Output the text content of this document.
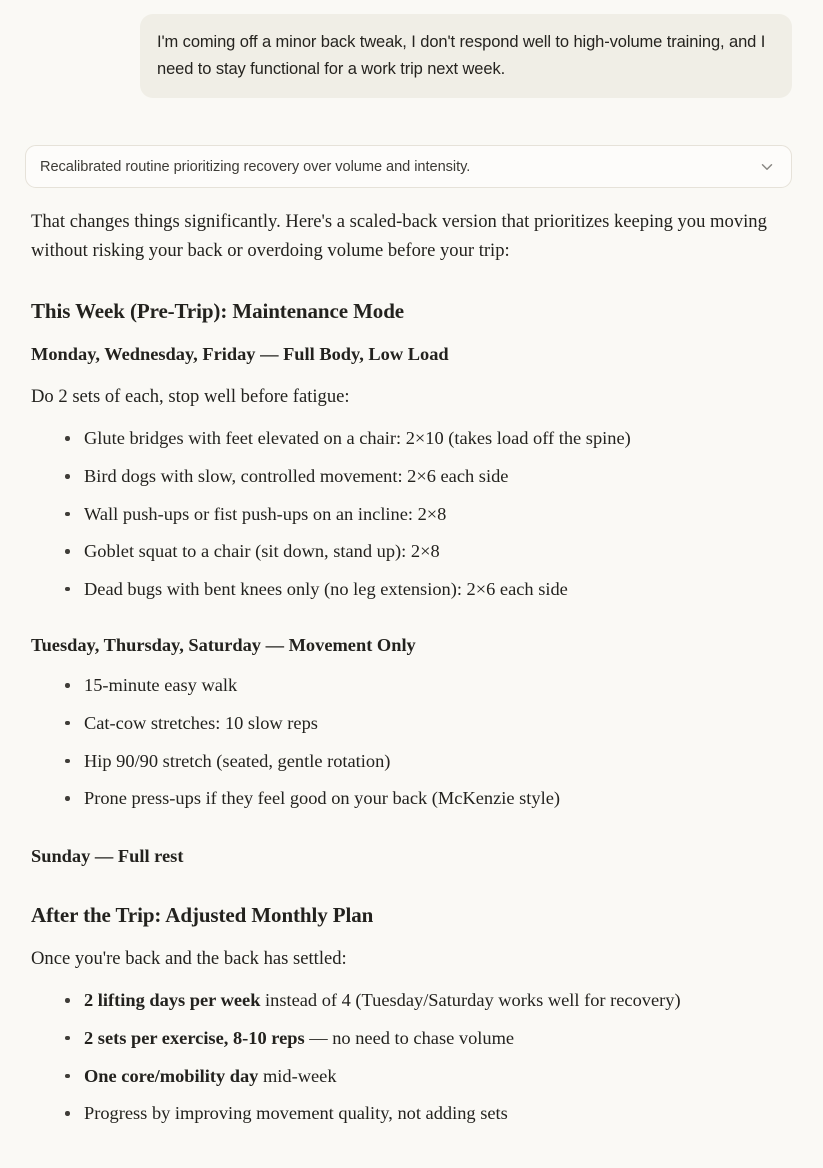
I'm coming off a minor back tweak, I don't respond well to high-volume training, and I need to stay functional for a work trip next week.
Recalibrated routine prioritizing recovery over volume and intensity.

That changes things significantly. Here's a scaled-back version that prioritizes keeping you moving without risking your back or overdoing volume before your trip:

This Week (Pre-Trip): Maintenance Mode
Monday, Wednesday, Friday — Full Body, Low Load

Do 2 sets of each, stop well before fatigue:

Glute bridges with feet elevated on a chair: 2×10 (takes load off the spine)
Bird dogs with slow, controlled movement: 2×6 each side
Wall push-ups or fist push-ups on an incline: 2×8
Goblet squat to a chair (sit down, stand up): 2×8
Dead bugs with bent knees only (no leg extension): 2×6 each side
Tuesday, Thursday, Saturday — Movement Only
15-minute easy walk
Cat-cow stretches: 10 slow reps
Hip 90/90 stretch (seated, gentle rotation)
Prone press-ups if they feel good on your back (McKenzie style)
Sunday — Full rest
After the Trip: Adjusted Monthly Plan

Once you're back and the back has settled:

2 lifting days per week instead of 4 (Tuesday/Saturday works well for recovery)
2 sets per exercise, 8-10 reps — no need to chase volume
One core/mobility day mid-week
Progress by improving movement quality, not adding sets
